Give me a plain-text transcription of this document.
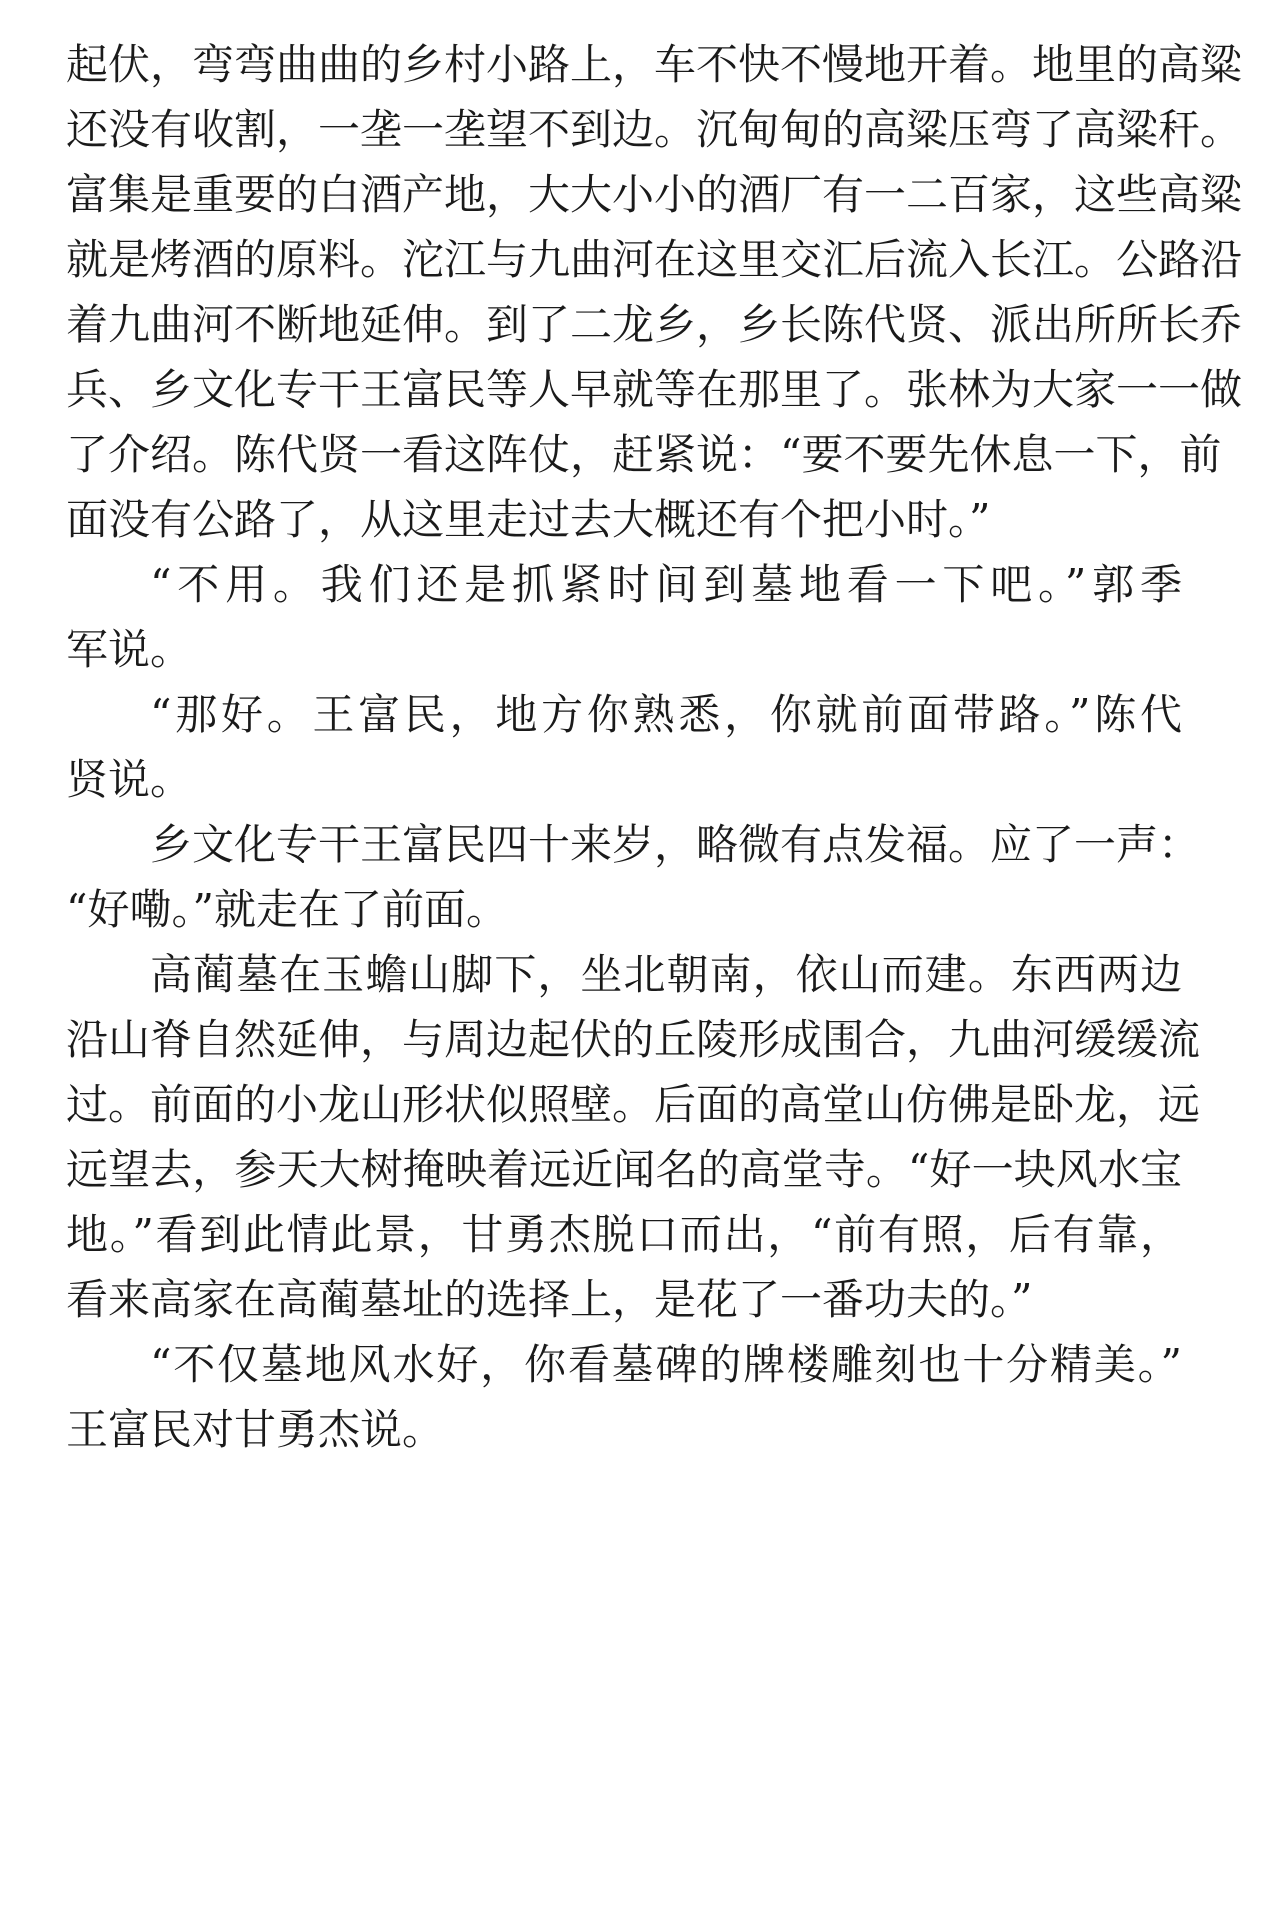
起伏，弯弯曲曲的乡村小路上，车不快不慢地开着。地里的高粱
还没有收割，一垄一垄望不到边。沉甸甸的高粱压弯了高粱秆。
富集是重要的白酒产地，大大小小的酒厂有一二百家，这些高粱
就是烤酒的原料。沱江与九曲河在这里交汇后流入长江。公路沿
着九曲河不断地延伸。到了二龙乡，乡长陈代贤、派出所所长乔
兵、乡文化专干王富民等人早就等在那里了。张林为大家一一做
了介绍。陈代贤一看这阵仗，赶紧说：“要不要先休息一下，前
面没有公路了，从这里走过去大概还有个把小时。”
“不用。我们还是抓紧时间到墓地看一下吧。”郭季
军说。
“那好。王富民，地方你熟悉，你就前面带路。”陈代
贤说。
乡文化专干王富民四十来岁，略微有点发福。应了一声：
“好嘞。”就走在了前面。
高蔺墓在玉蟾山脚下，坐北朝南，依山而建。东西两边
沿山脊自然延伸，与周边起伏的丘陵形成围合，九曲河缓缓流
过。前面的小龙山形状似照壁。后面的高堂山仿佛是卧龙，远
远望去，参天大树掩映着远近闻名的高堂寺。“好一块风水宝
地。”看到此情此景，甘勇杰脱口而出，“前有照，后有靠，
看来高家在高蔺墓址的选择上，是花了一番功夫的。”
“不仅墓地风水好，你看墓碑的牌楼雕刻也十分精美。”
王富民对甘勇杰说。
